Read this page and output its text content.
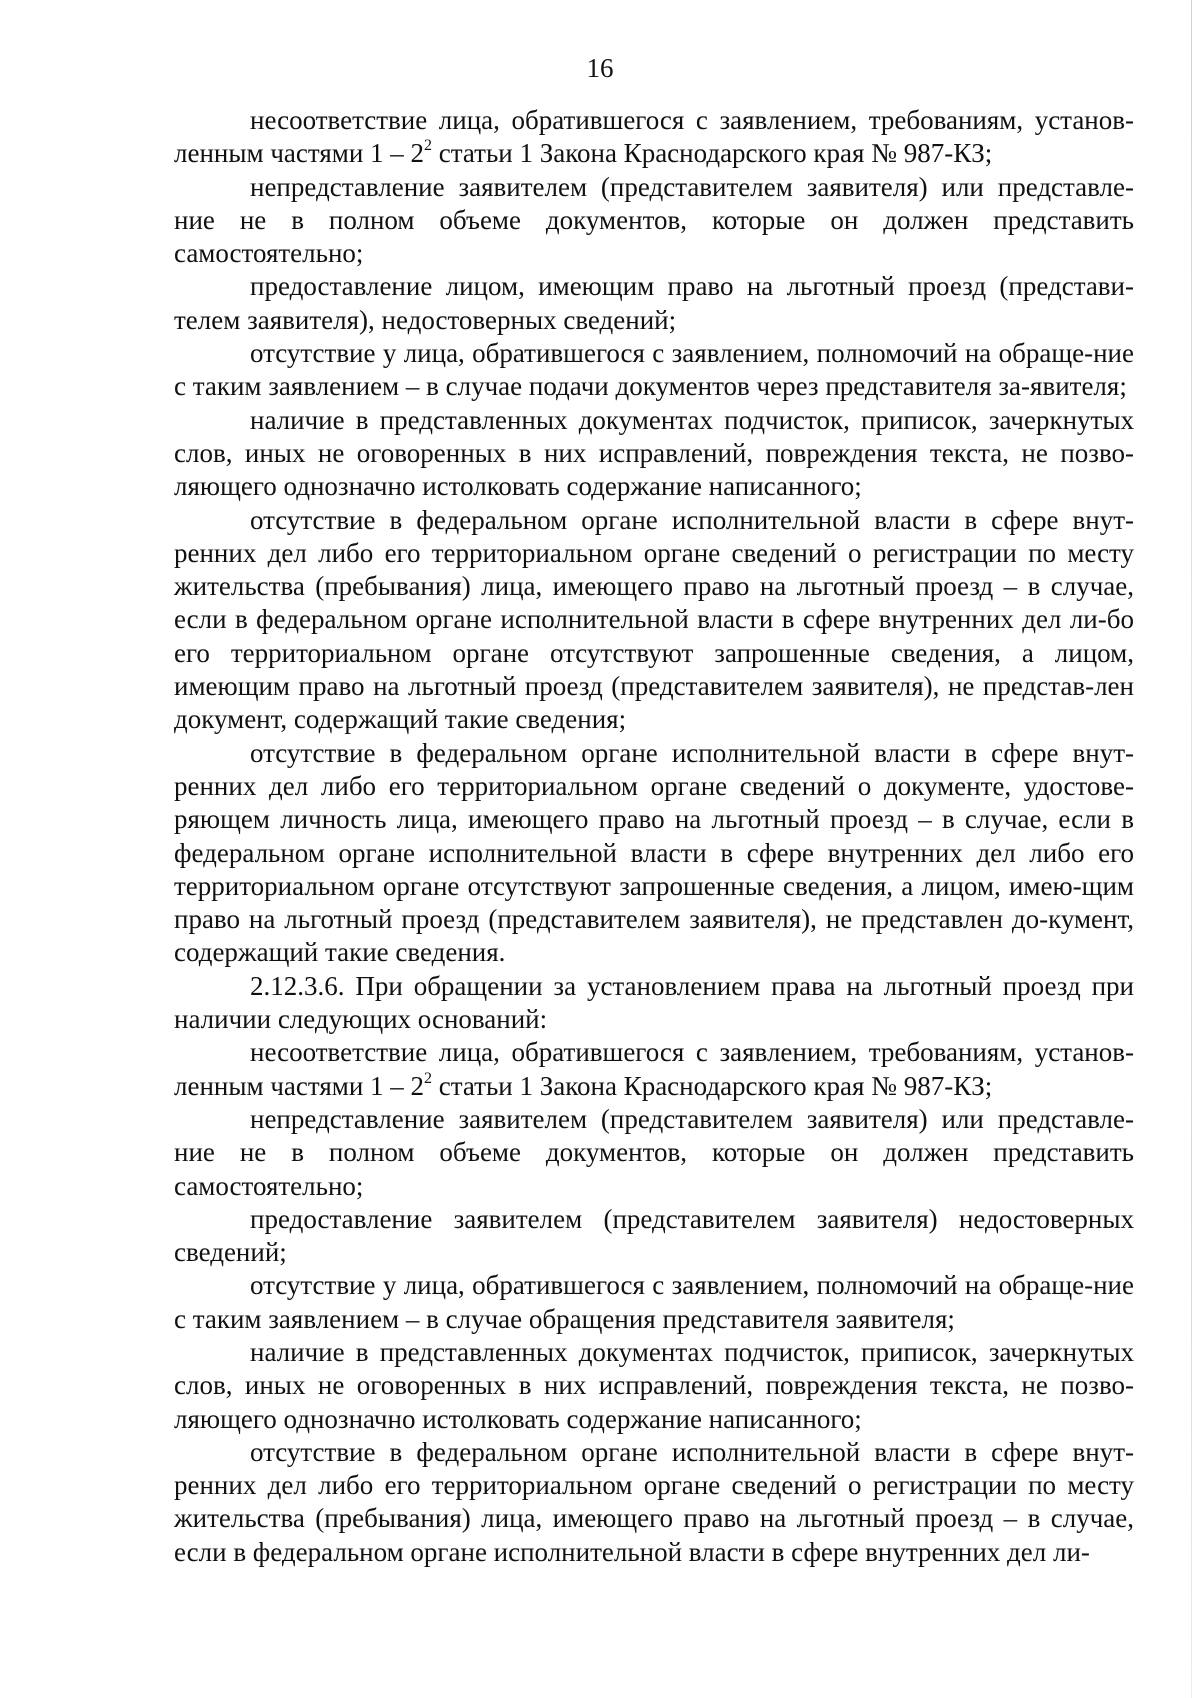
16

несоответствие лица, обратившегося с заявлением, требованиям, установ-ленным частями $1 - 2^2$ статьи 1 Закона Краснодарского края № 987-КЗ;

непредставление заявителем (представителем заявителя) или представле-ние не в полном объеме документов, которые он должен представить самостоятельно;

предоставление лицом, имеющим право на льготный проезд (представи-телем заявителя), недостоверных сведений;

отсутствие у лица, обратившегося с заявлением, полномочий на обраще-ние с таким заявлением – в случае подачи документов через представителя за-явителя;

наличие в представленных документах подчисток, приписок, зачеркнутых слов, иных не оговоренных в них исправлений, повреждения текста, не позво-ляющего однозначно истолковать содержание написанного;

отсутствие в федеральном органе исполнительной власти в сфере внут-ренних дел либо его территориальном органе сведений о регистрации по месту жительства (пребывания) лица, имеющего право на льготный проезд – в случае, если в федеральном органе исполнительной власти в сфере внутренних дел ли-бо его территориальном органе отсутствуют запрошенные сведения, а лицом, имеющим право на льготный проезд (представителем заявителя), не представ-лен документ, содержащий такие сведения;

отсутствие в федеральном органе исполнительной власти в сфере внут-ренних дел либо его территориальном органе сведений о документе, удостове-ряющем личность лица, имеющего право на льготный проезд – в случае, если в федеральном органе исполнительной власти в сфере внутренних дел либо его территориальном органе отсутствуют запрошенные сведения, а лицом, имею-щим право на льготный проезд (представителем заявителя), не представлен до-кумент, содержащий такие сведения.

2.12.3.6. При обращении за установлением права на льготный проезд при наличии следующих оснований:

несоответствие лица, обратившегося с заявлением, требованиям, установ-ленным частями $1 - 2^2$ статьи 1 Закона Краснодарского края № 987-КЗ;

непредставление заявителем (представителем заявителя) или представле-ние не в полном объеме документов, которые он должен представить самостоятельно;

предоставление заявителем (представителем заявителя) недостоверных сведений;

отсутствие у лица, обратившегося с заявлением, полномочий на обраще-ние с таким заявлением – в случае обращения представителя заявителя;

наличие в представленных документах подчисток, приписок, зачеркнутых слов, иных не оговоренных в них исправлений, повреждения текста, не позво-ляющего однозначно истолковать содержание написанного;

отсутствие в федеральном органе исполнительной власти в сфере внут-ренних дел либо его территориальном органе сведений о регистрации по месту жительства (пребывания) лица, имеющего право на льготный проезд – в случае, если в федеральном органе исполнительной власти в сфере внутренних дел ли-
